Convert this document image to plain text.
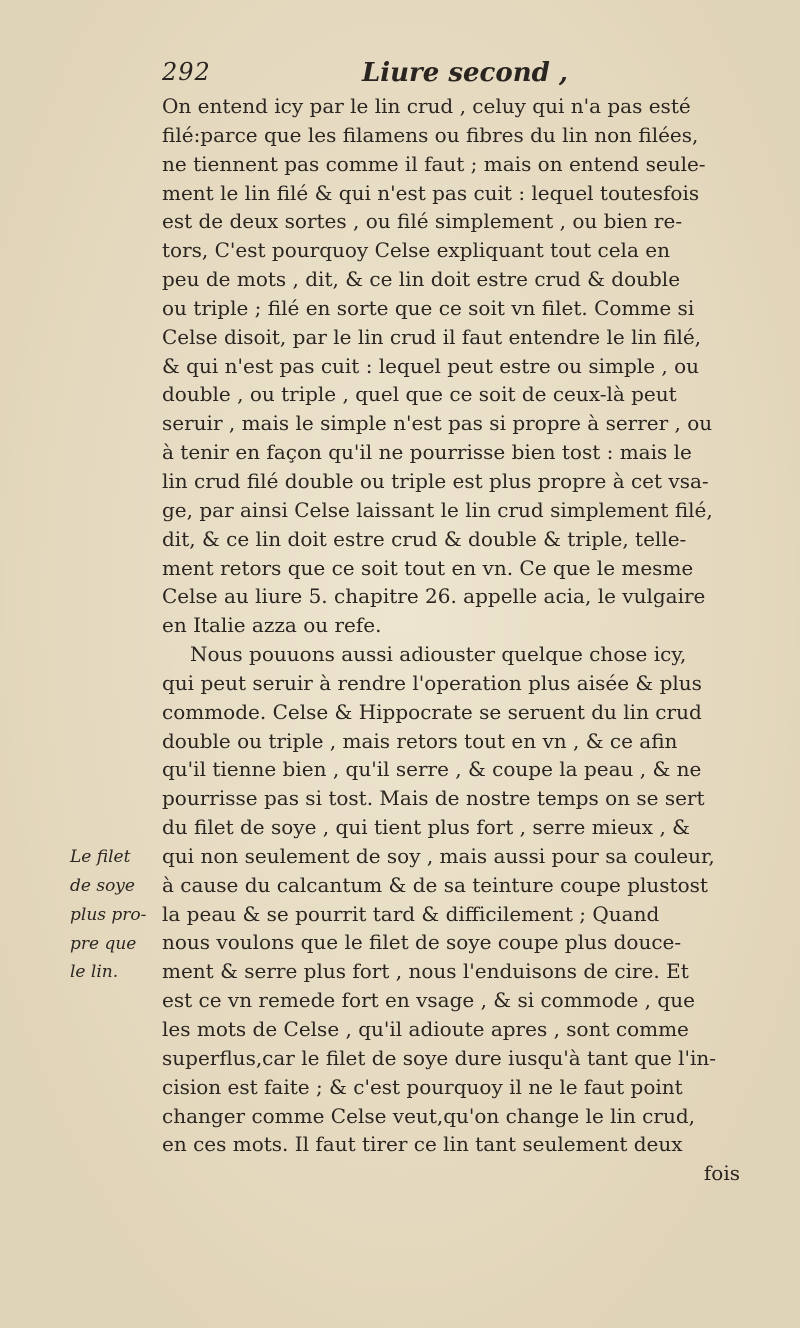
292	Liure second ,
On entend icy par le lin crud , celuy qui n'a pas esté
filé:parce que les filamens ou fibres du lin non filées,
ne tiennent pas comme il faut ; mais on entend seule-
ment le lin filé & qui n'est pas cuit : lequel toutesfois
est de deux sortes , ou filé simplement , ou bien re-
tors, C'est pourquoy Celse expliquant tout cela en
peu de mots , dit, & ce lin doit estre crud & double
ou triple ; filé en sorte que ce soit vn filet. Comme si
Celse disoit, par le lin crud il faut entendre le lin filé,
& qui n'est pas cuit : lequel peut estre ou simple , ou
double , ou triple , quel que ce soit de ceux-là peut
seruir , mais le simple n'est pas si propre à serrer , ou
à tenir en façon qu'il ne pourrisse bien tost : mais le
lin crud filé double ou triple est plus propre à cet vsa-
ge, par ainsi Celse laissant le lin crud simplement filé,
dit, & ce lin doit estre crud & double & triple, telle-
ment retors que ce soit tout en vn. Ce que le mesme
Celse au liure 5. chapitre 26. appelle acia, le vulgaire
en Italie azza ou refe.
Nous pouuons aussi adiouster quelque chose icy,
qui peut seruir à rendre l'operation plus aisée & plus
commode. Celse & Hippocrate se seruent du lin crud
double ou triple , mais retors tout en vn , & ce afin
qu'il tienne bien , qu'il serre , & coupe la peau , & ne
pourrisse pas si tost. Mais de nostre temps on se sert
du filet de soye , qui tient plus fort , serre mieux , &
qui non seulement de soy , mais aussi pour sa couleur,
à cause du calcantum & de sa teinture coupe plustost
la peau & se pourrit tard & difficilement ; Quand
nous voulons que le filet de soye coupe plus douce-
ment & serre plus fort , nous l'enduisons de cire. Et
est ce vn remede fort en vsage , & si commode , que
les mots de Celse , qu'il adioute apres , sont comme
superflus,car le filet de soye dure iusqu'à tant que l'in-
cision est faite ; & c'est pourquoy il ne le faut point
changer comme Celse veut,qu'on change le lin crud,
en ces mots. Il faut tirer ce lin tant seulement deux
fois
Le filet
de soye
plus pro-
pre que
le lin.
